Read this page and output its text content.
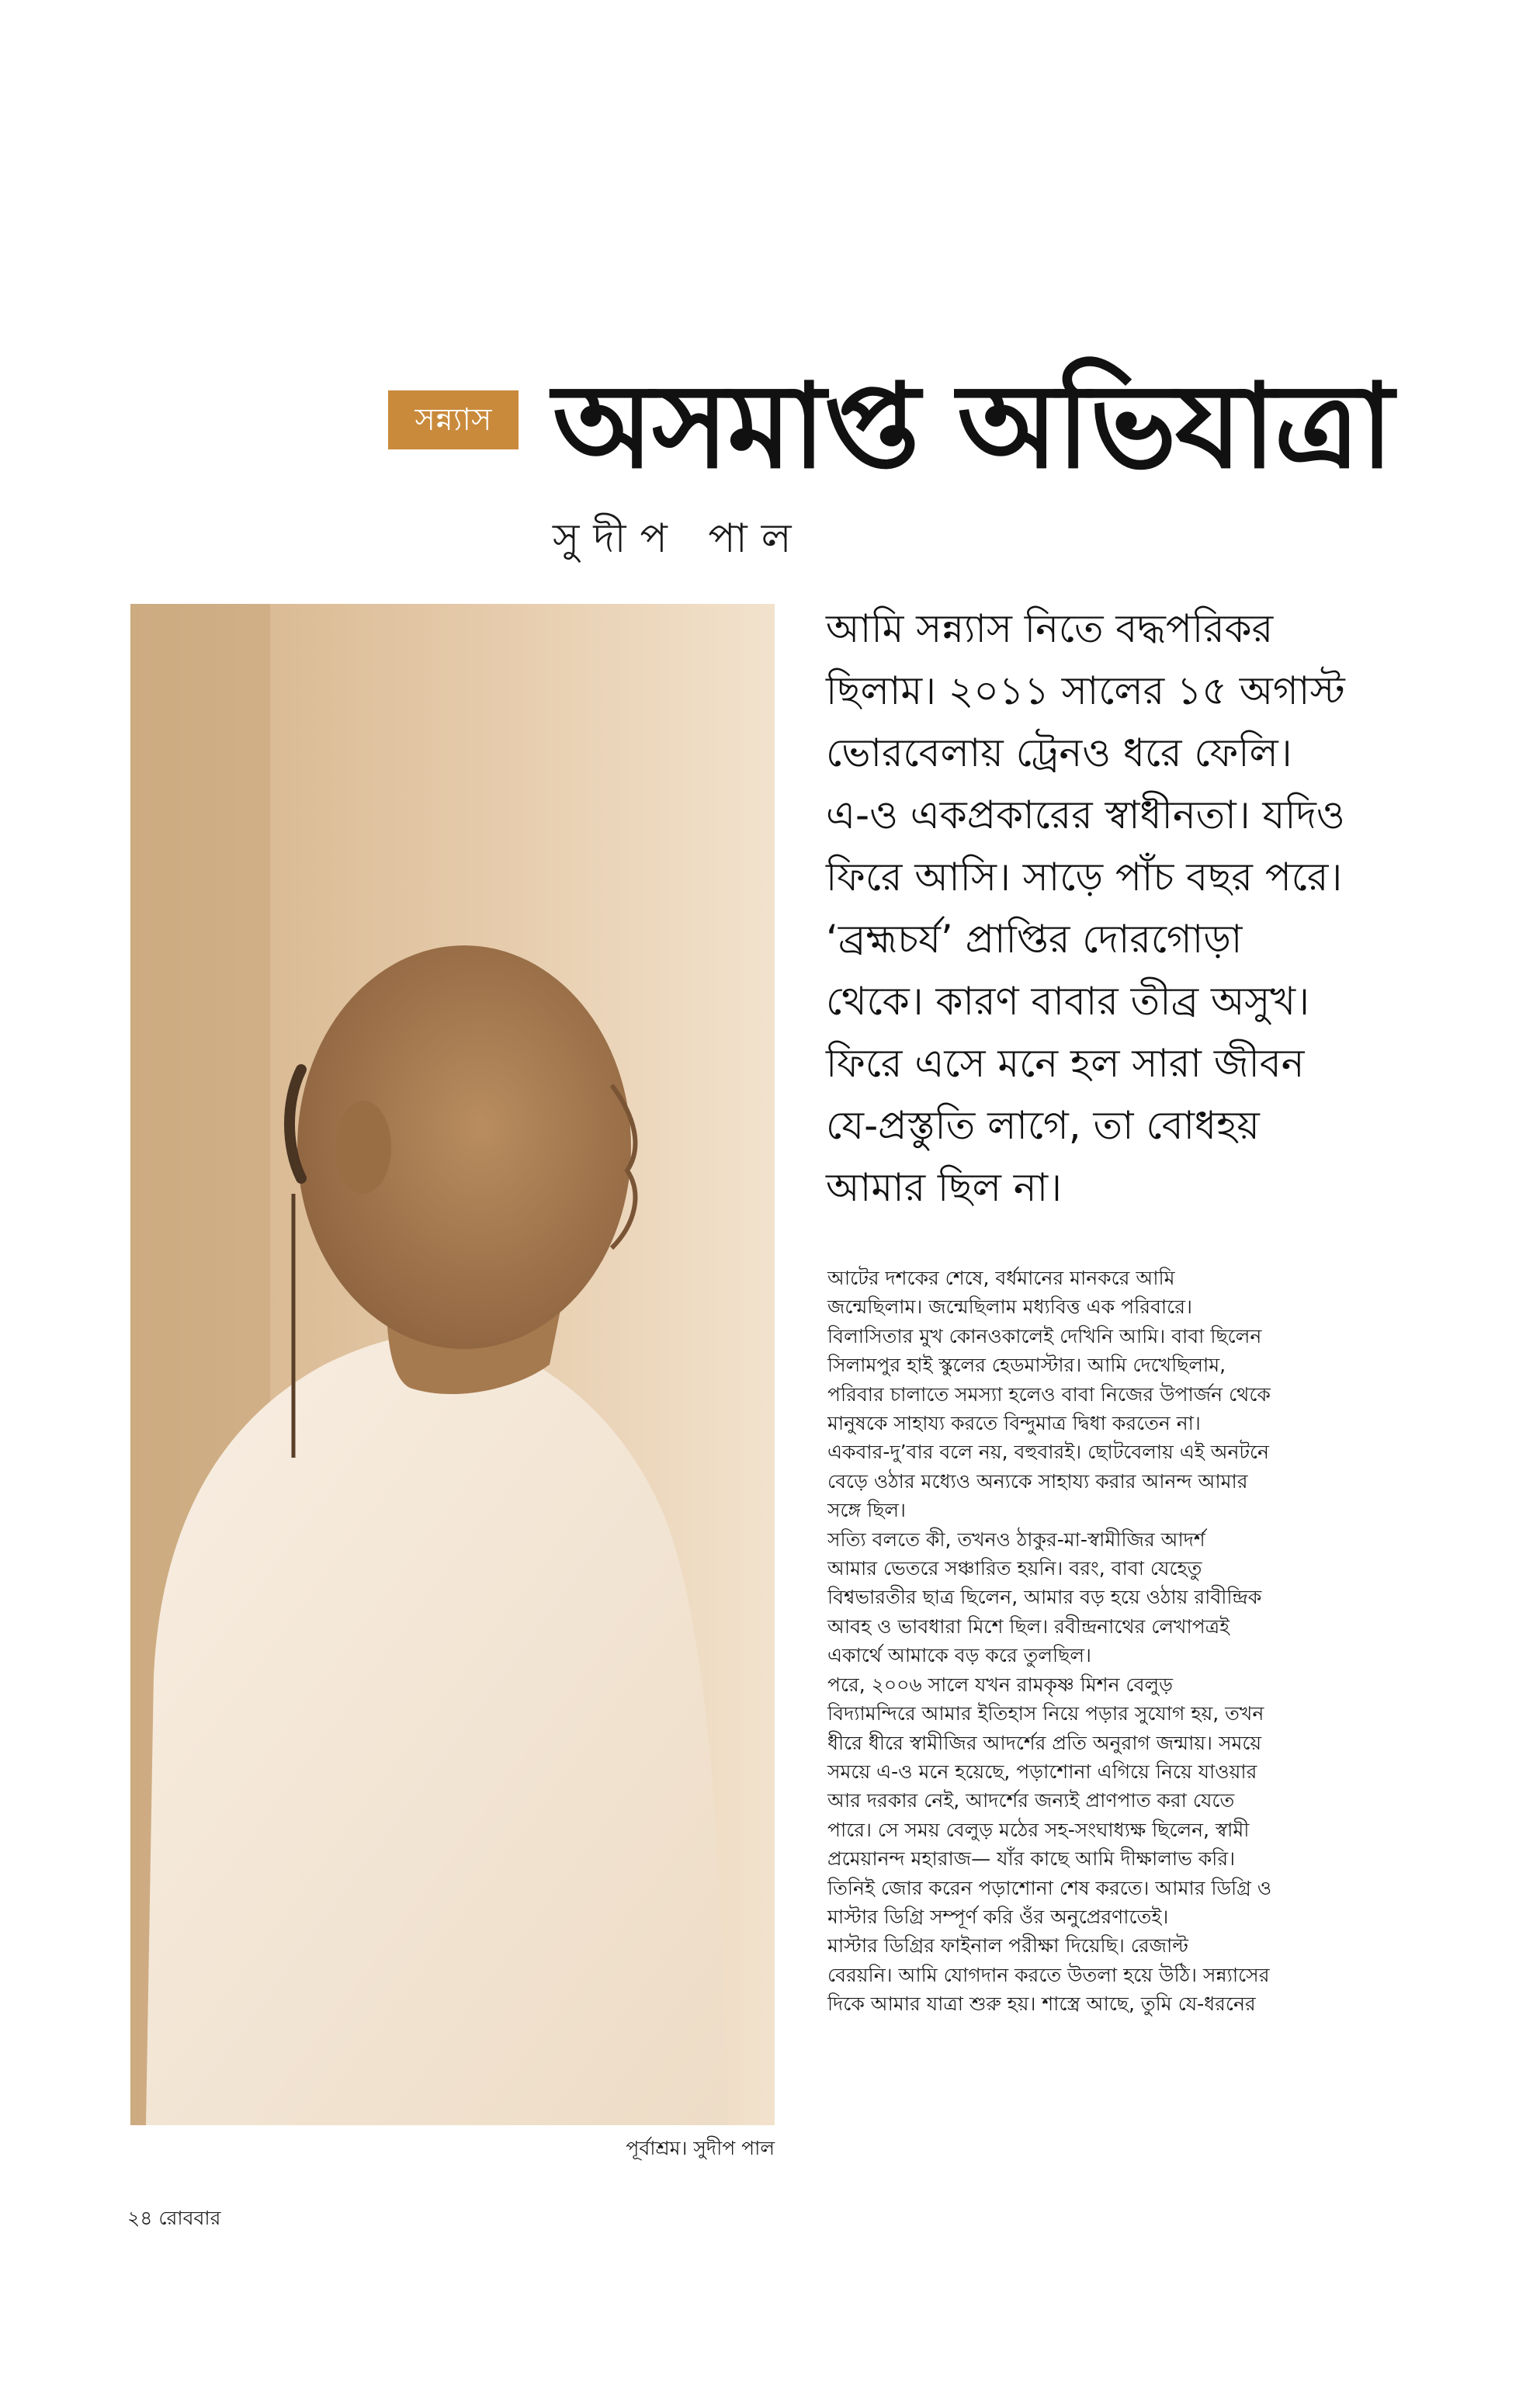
সন্ন্যাস অসমাপ্ত অভিযাত্রা
সুদীপ পাল
পূর্বাশ্রম। সুদীপ পাল
আমি সন্ন্যাস নিতে বদ্ধপরিকর
ছিলাম। ২০১১ সালের ১৫ অগাস্ট
ভোরবেলায় ট্রেনও ধরে ফেলি।
এ-ও একপ্রকারের স্বাধীনতা। যদিও
ফিরে আসি। সাড়ে পাঁচ বছর পরে।
‘ব্রহ্মচর্য’ প্রাপ্তির দোরগোড়া
থেকে। কারণ বাবার তীব্র অসুখ।
ফিরে এসে মনে হল সারা জীবন
যে-প্রস্তুতি লাগে, তা বোধহয়
আমার ছিল না।
আটের দশকের শেষে, বর্ধমানের মানকরে আমি
জন্মেছিলাম। জন্মেছিলাম মধ্যবিত্ত এক পরিবারে।
বিলাসিতার মুখ কোনওকালেই দেখিনি আমি। বাবা ছিলেন
সিলামপুর হাই স্কুলের হেডমাস্টার। আমি দেখেছিলাম,
পরিবার চালাতে সমস্যা হলেও বাবা নিজের উপার্জন থেকে
মানুষকে সাহায্য করতে বিন্দুমাত্র দ্বিধা করতেন না।
একবার-দু’বার বলে নয়, বহুবারই। ছোটবেলায় এই অনটনে
বেড়ে ওঠার মধ্যেও অন্যকে সাহায্য করার আনন্দ আমার
সঙ্গে ছিল।
সত্যি বলতে কী, তখনও ঠাকুর-মা-স্বামীজির আদর্শ
আমার ভেতরে সঞ্চারিত হয়নি। বরং, বাবা যেহেতু
বিশ্বভারতীর ছাত্র ছিলেন, আমার বড় হয়ে ওঠায় রাবীন্দ্রিক
আবহ ও ভাবধারা মিশে ছিল। রবীন্দ্রনাথের লেখাপত্রই
একার্থে আমাকে বড় করে তুলছিল।
পরে, ২০০৬ সালে যখন রামকৃষ্ণ মিশন বেলুড়
বিদ্যামন্দিরে আমার ইতিহাস নিয়ে পড়ার সুযোগ হয়, তখন
ধীরে ধীরে স্বামীজির আদর্শের প্রতি অনুরাগ জন্মায়। সময়ে
সময়ে এ-ও মনে হয়েছে, পড়াশোনা এগিয়ে নিয়ে যাওয়ার
আর দরকার নেই, আদর্শের জন্যই প্রাণপাত করা যেতে
পারে। সে সময় বেলুড় মঠের সহ-সংঘাধ্যক্ষ ছিলেন, স্বামী
প্রমেয়ানন্দ মহারাজ— যাঁর কাছে আমি দীক্ষালাভ করি।
তিনিই জোর করেন পড়াশোনা শেষ করতে। আমার ডিগ্রি ও
মাস্টার ডিগ্রি সম্পূর্ণ করি ওঁর অনুপ্রেরণাতেই।
মাস্টার ডিগ্রির ফাইনাল পরীক্ষা দিয়েছি। রেজাল্ট
বেরয়নি। আমি যোগদান করতে উতলা হয়ে উঠি। সন্ন্যাসের
দিকে আমার যাত্রা শুরু হয়। শাস্ত্রে আছে, তুমি যে-ধরনের
২৪ রোববার
